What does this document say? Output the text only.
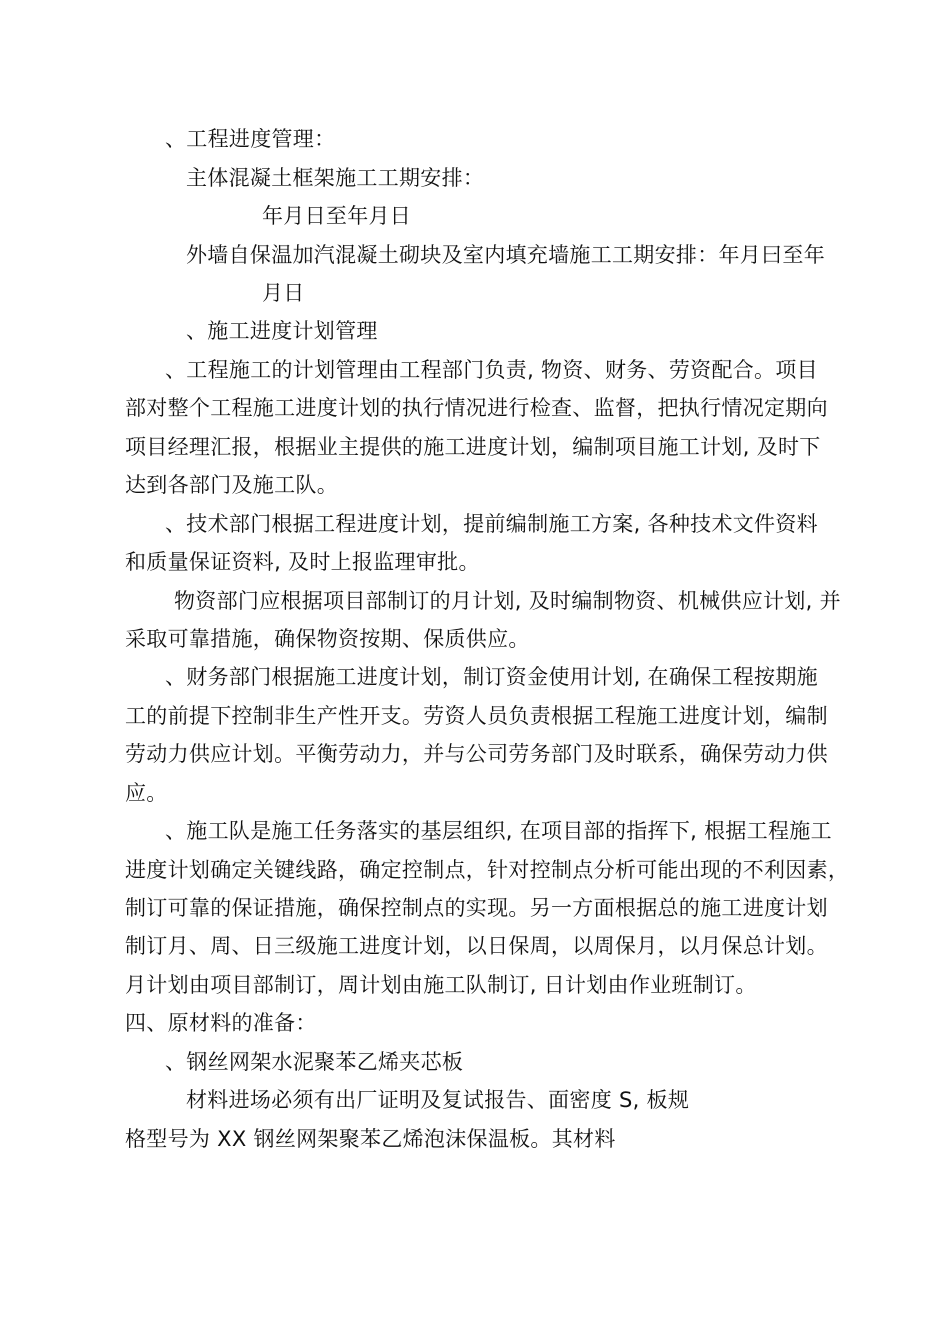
、工程进度管理：
主体混凝土框架施工工期安排：
年月日至年月日
外墙自保温加汽混凝土砌块及室内填充墙施工工期安排：年月曰至年
月日
、施工进度计划管理
、工程施工的计划管理由工程部门负责, 物资、财务、劳资配合。项目
部对整个工程施工进度计划的执行情况进行检查、监督，把执行情况定期向
项目经理汇报，根据业主提供的施工进度计划，编制项目施工计划, 及时下
达到各部门及施工队。
、技术部门根据工程进度计划，提前编制施工方案, 各种技术文件资料
和质量保证资料, 及时上报监理审批。
物资部门应根据项目部制订的月计划, 及时编制物资、机械供应计划, 并
采取可靠措施，确保物资按期、保质供应。
、财务部门根据施工进度计划，制订资金使用计划, 在确保工程按期施
工的前提下控制非生产性开支。劳资人员负责根据工程施工进度计划，编制
劳动力供应计划。平衡劳动力，并与公司劳务部门及时联系，确保劳动力供
应。
、施工队是施工任务落实的基层组织, 在项目部的指挥下, 根据工程施工
进度计划确定关键线路，确定控制点，针对控制点分析可能出现的不利因素，
制订可靠的保证措施，确保控制点的实现。另一方面根据总的施工进度计划
制订月、周、日三级施工进度计划，以日保周，以周保月，以月保总计划。
月计划由项目部制订，周计划由施工队制订, 日计划由作业班制订。
四、原材料的准备：
、钢丝网架水泥聚苯乙烯夹芯板
材料进场必须有出厂证明及复试报告、面密度 S, 板规
格型号为 XX 钢丝网架聚苯乙烯泡沫保温板。其材料
